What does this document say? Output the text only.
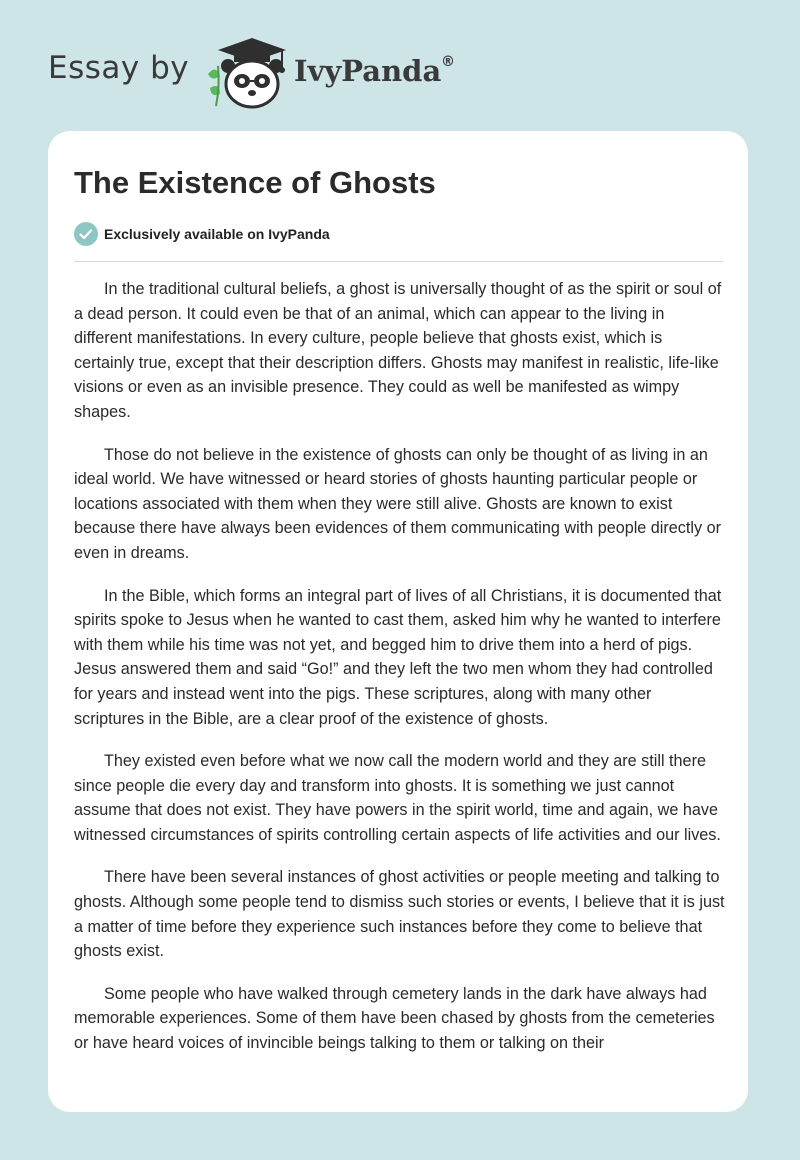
Essay by	IvyPanda ®
The Existence of Ghosts
Exclusively available on IvyPanda

In the traditional cultural beliefs, a ghost is universally thought of as the spirit or soul of a dead person. It could even be that of an animal, which can appear to the living in different manifestations. In every culture, people believe that ghosts exist, which is certainly true, except that their description differs. Ghosts may manifest in realistic, life-like visions or even as an invisible presence. They could as well be manifested as wimpy shapes.

Those do not believe in the existence of ghosts can only be thought of as living in an ideal world. We have witnessed or heard stories of ghosts haunting particular people or locations associated with them when they were still alive. Ghosts are known to exist because there have always been evidences of them communicating with people directly or even in dreams.

In the Bible, which forms an integral part of lives of all Christians, it is documented that spirits spoke to Jesus when he wanted to cast them, asked him why he wanted to interfere with them while his time was not yet, and begged him to drive them into a herd of pigs. Jesus answered them and said “Go!” and they left the two men whom they had controlled for years and instead went into the pigs. These scriptures, along with many other scriptures in the Bible, are a clear proof of the existence of ghosts.

They existed even before what we now call the modern world and they are still there since people die every day and transform into ghosts. It is something we just cannot assume that does not exist. They have powers in the spirit world, time and again, we have witnessed circumstances of spirits controlling certain aspects of life activities and our lives.

There have been several instances of ghost activities or people meeting and talking to ghosts. Although some people tend to dismiss such stories or events, I believe that it is just a matter of time before they experience such instances before they come to believe that ghosts exist.

Some people who have walked through cemetery lands in the dark have always had memorable experiences. Some of them have been chased by ghosts from the cemeteries or have heard voices of invincible beings talking to them or talking on their
